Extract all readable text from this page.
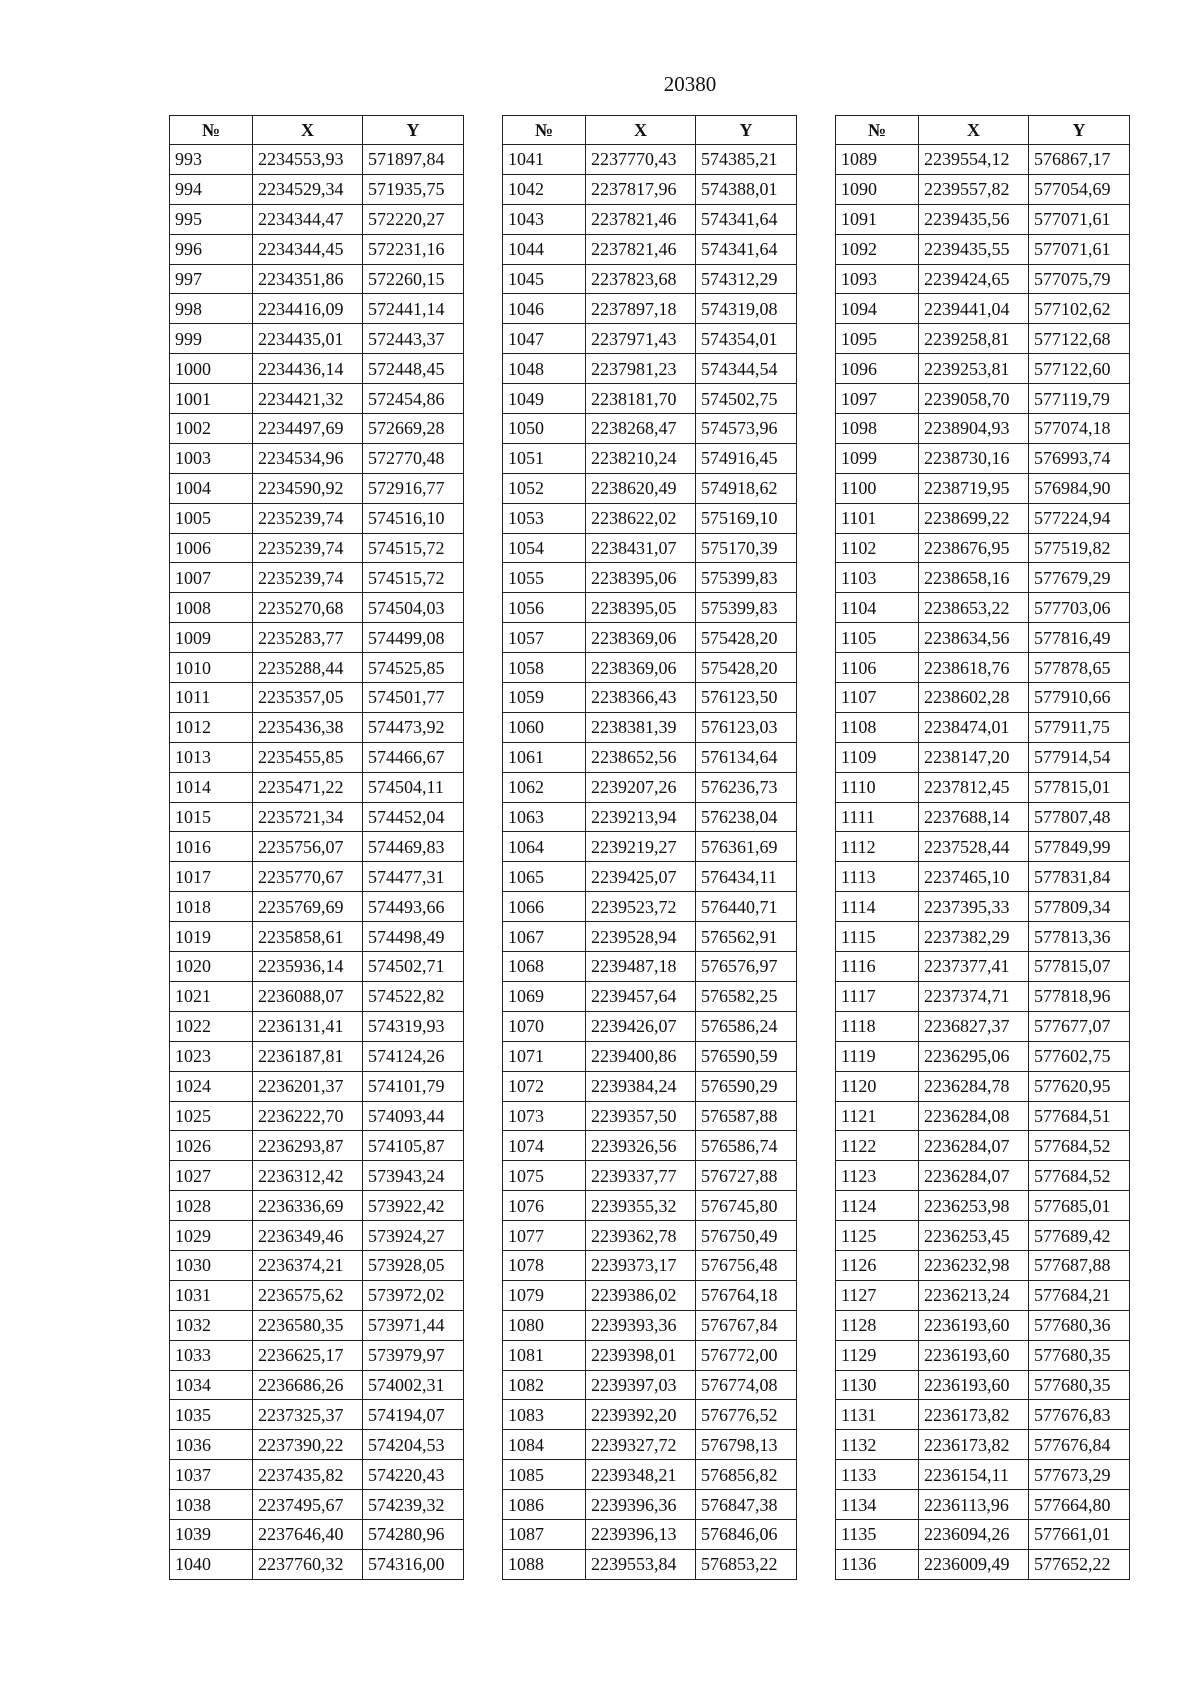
20380
№	X	Y
993	2234553,93	571897,84
994	2234529,34	571935,75
995	2234344,47	572220,27
996	2234344,45	572231,16
997	2234351,86	572260,15
998	2234416,09	572441,14
999	2234435,01	572443,37
1000	2234436,14	572448,45
1001	2234421,32	572454,86
1002	2234497,69	572669,28
1003	2234534,96	572770,48
1004	2234590,92	572916,77
1005	2235239,74	574516,10
1006	2235239,74	574515,72
1007	2235239,74	574515,72
1008	2235270,68	574504,03
1009	2235283,77	574499,08
1010	2235288,44	574525,85
1011	2235357,05	574501,77
1012	2235436,38	574473,92
1013	2235455,85	574466,67
1014	2235471,22	574504,11
1015	2235721,34	574452,04
1016	2235756,07	574469,83
1017	2235770,67	574477,31
1018	2235769,69	574493,66
1019	2235858,61	574498,49
1020	2235936,14	574502,71
1021	2236088,07	574522,82
1022	2236131,41	574319,93
1023	2236187,81	574124,26
1024	2236201,37	574101,79
1025	2236222,70	574093,44
1026	2236293,87	574105,87
1027	2236312,42	573943,24
1028	2236336,69	573922,42
1029	2236349,46	573924,27
1030	2236374,21	573928,05
1031	2236575,62	573972,02
1032	2236580,35	573971,44
1033	2236625,17	573979,97
1034	2236686,26	574002,31
1035	2237325,37	574194,07
1036	2237390,22	574204,53
1037	2237435,82	574220,43
1038	2237495,67	574239,32
1039	2237646,40	574280,96
1040	2237760,32	574316,00
№	X	Y
1041	2237770,43	574385,21
1042	2237817,96	574388,01
1043	2237821,46	574341,64
1044	2237821,46	574341,64
1045	2237823,68	574312,29
1046	2237897,18	574319,08
1047	2237971,43	574354,01
1048	2237981,23	574344,54
1049	2238181,70	574502,75
1050	2238268,47	574573,96
1051	2238210,24	574916,45
1052	2238620,49	574918,62
1053	2238622,02	575169,10
1054	2238431,07	575170,39
1055	2238395,06	575399,83
1056	2238395,05	575399,83
1057	2238369,06	575428,20
1058	2238369,06	575428,20
1059	2238366,43	576123,50
1060	2238381,39	576123,03
1061	2238652,56	576134,64
1062	2239207,26	576236,73
1063	2239213,94	576238,04
1064	2239219,27	576361,69
1065	2239425,07	576434,11
1066	2239523,72	576440,71
1067	2239528,94	576562,91
1068	2239487,18	576576,97
1069	2239457,64	576582,25
1070	2239426,07	576586,24
1071	2239400,86	576590,59
1072	2239384,24	576590,29
1073	2239357,50	576587,88
1074	2239326,56	576586,74
1075	2239337,77	576727,88
1076	2239355,32	576745,80
1077	2239362,78	576750,49
1078	2239373,17	576756,48
1079	2239386,02	576764,18
1080	2239393,36	576767,84
1081	2239398,01	576772,00
1082	2239397,03	576774,08
1083	2239392,20	576776,52
1084	2239327,72	576798,13
1085	2239348,21	576856,82
1086	2239396,36	576847,38
1087	2239396,13	576846,06
1088	2239553,84	576853,22
№	X	Y
1089	2239554,12	576867,17
1090	2239557,82	577054,69
1091	2239435,56	577071,61
1092	2239435,55	577071,61
1093	2239424,65	577075,79
1094	2239441,04	577102,62
1095	2239258,81	577122,68
1096	2239253,81	577122,60
1097	2239058,70	577119,79
1098	2238904,93	577074,18
1099	2238730,16	576993,74
1100	2238719,95	576984,90
1101	2238699,22	577224,94
1102	2238676,95	577519,82
1103	2238658,16	577679,29
1104	2238653,22	577703,06
1105	2238634,56	577816,49
1106	2238618,76	577878,65
1107	2238602,28	577910,66
1108	2238474,01	577911,75
1109	2238147,20	577914,54
1110	2237812,45	577815,01
1111	2237688,14	577807,48
1112	2237528,44	577849,99
1113	2237465,10	577831,84
1114	2237395,33	577809,34
1115	2237382,29	577813,36
1116	2237377,41	577815,07
1117	2237374,71	577818,96
1118	2236827,37	577677,07
1119	2236295,06	577602,75
1120	2236284,78	577620,95
1121	2236284,08	577684,51
1122	2236284,07	577684,52
1123	2236284,07	577684,52
1124	2236253,98	577685,01
1125	2236253,45	577689,42
1126	2236232,98	577687,88
1127	2236213,24	577684,21
1128	2236193,60	577680,36
1129	2236193,60	577680,35
1130	2236193,60	577680,35
1131	2236173,82	577676,83
1132	2236173,82	577676,84
1133	2236154,11	577673,29
1134	2236113,96	577664,80
1135	2236094,26	577661,01
1136	2236009,49	577652,22
